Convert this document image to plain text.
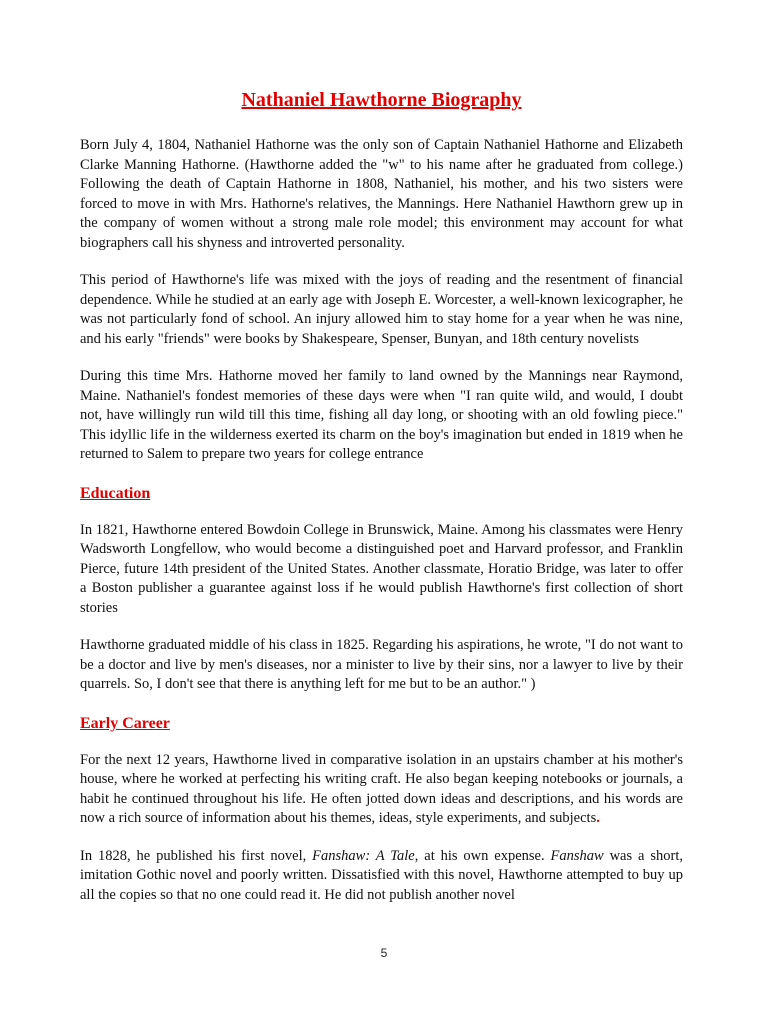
Nathaniel Hawthorne Biography

Born July 4, 1804, Nathaniel Hathorne was the only son of Captain Nathaniel Hathorne and Elizabeth Clarke Manning Hathorne. (Hawthorne added the "w" to his name after he graduated from college.) Following the death of Captain Hathorne in 1808, Nathaniel, his mother, and his two sisters were forced to move in with Mrs. Hathorne's relatives, the Mannings. Here Nathaniel Hawthorn grew up in the company of women without a strong male role model; this environment may account for what biographers call his shyness and introverted personality.

This period of Hawthorne's life was mixed with the joys of reading and the resentment of financial dependence. While he studied at an early age with Joseph E. Worcester, a well-known lexicographer, he was not particularly fond of school. An injury allowed him to stay home for a year when he was nine, and his early "friends" were books by Shakespeare, Spenser, Bunyan, and 18th century novelists

During this time Mrs. Hathorne moved her family to land owned by the Mannings near Raymond, Maine. Nathaniel's fondest memories of these days were when "I ran quite wild, and would, I doubt not, have willingly run wild till this time, fishing all day long, or shooting with an old fowling piece." This idyllic life in the wilderness exerted its charm on the boy's imagination but ended in 1819 when he returned to Salem to prepare two years for college entrance

Education

In 1821, Hawthorne entered Bowdoin College in Brunswick, Maine. Among his classmates were Henry Wadsworth Longfellow, who would become a distinguished poet and Harvard professor, and Franklin Pierce, future 14th president of the United States. Another classmate, Horatio Bridge, was later to offer a Boston publisher a guarantee against loss if he would publish Hawthorne's first collection of short stories

Hawthorne graduated middle of his class in 1825. Regarding his aspirations, he wrote, "I do not want to be a doctor and live by men's diseases, nor a minister to live by their sins, nor a lawyer to live by their quarrels. So, I don't see that there is anything left for me but to be an author." )

Early Career

For the next 12 years, Hawthorne lived in comparative isolation in an upstairs chamber at his mother's house, where he worked at perfecting his writing craft. He also began keeping notebooks or journals, a habit he continued throughout his life. He often jotted down ideas and descriptions, and his words are now a rich source of information about his themes, ideas, style experiments, and subjects.

In 1828, he published his first novel, Fanshaw: A Tale, at his own expense. Fanshaw was a short, imitation Gothic novel and poorly written. Dissatisfied with this novel, Hawthorne attempted to buy up all the copies so that no one could read it. He did not publish another novel

5
